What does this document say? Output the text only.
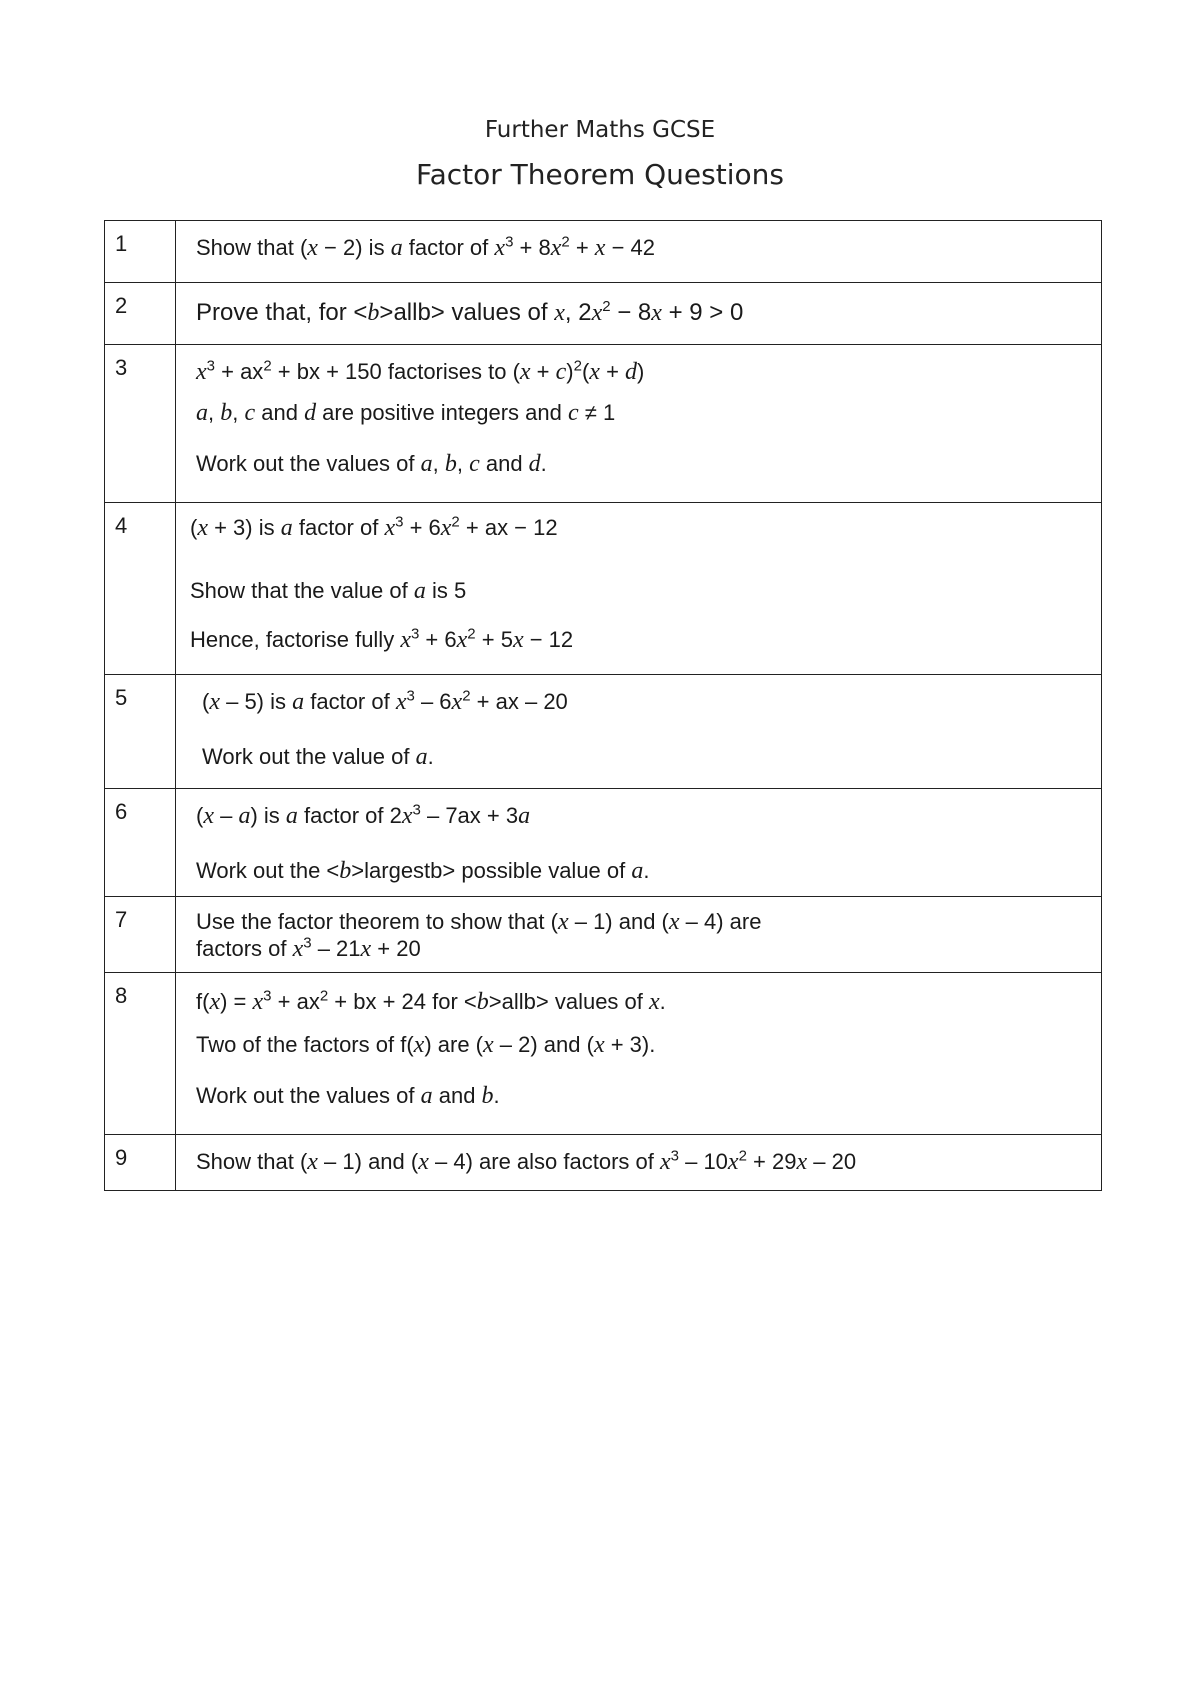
Further Maths GCSE
Factor Theorem Questions
1	Show that (x − 2) is a factor of $x^3 + 8x^2 + x - 42$

2	Prove that, for <b>allb> values of x, $2x^2 - 8x + 9 > 0$

3	$x^3 + ax^2$ + bx + 150 factorises to $(x + c)^2(x + d)$
a, b, c and d are positive integers and c ≠ 1
Work out the values of a, b, c and d.

4	(x + 3) is a factor of $x^3 + 6x^2$ + ax − 12
Show that the value of a is 5
Hence, factorise fully $x^3 + 6x^2 + 5x - 12$

5	(x – 5) is a factor of $x^3 - 6x^2$ + ax – 20
Work out the value of a.

6	(x – a) is a factor of $2x^3 - 7ax + 3a$
Work out the <b>largestb> possible value of a.

7	Use the factor theorem to show that (x – 1) and (x – 4) are
factors of $x^3 - 21x + 20$

8	$f(x) = x^3 + ax^2$ + bx + 24 for <b>allb> values of x.
Two of the factors of f(x) are (x – 2) and (x + 3).
Work out the values of a and b.

9	Show that (x – 1) and (x – 4) are also factors of $x^3 - 10x^2 + 29x - 20$
